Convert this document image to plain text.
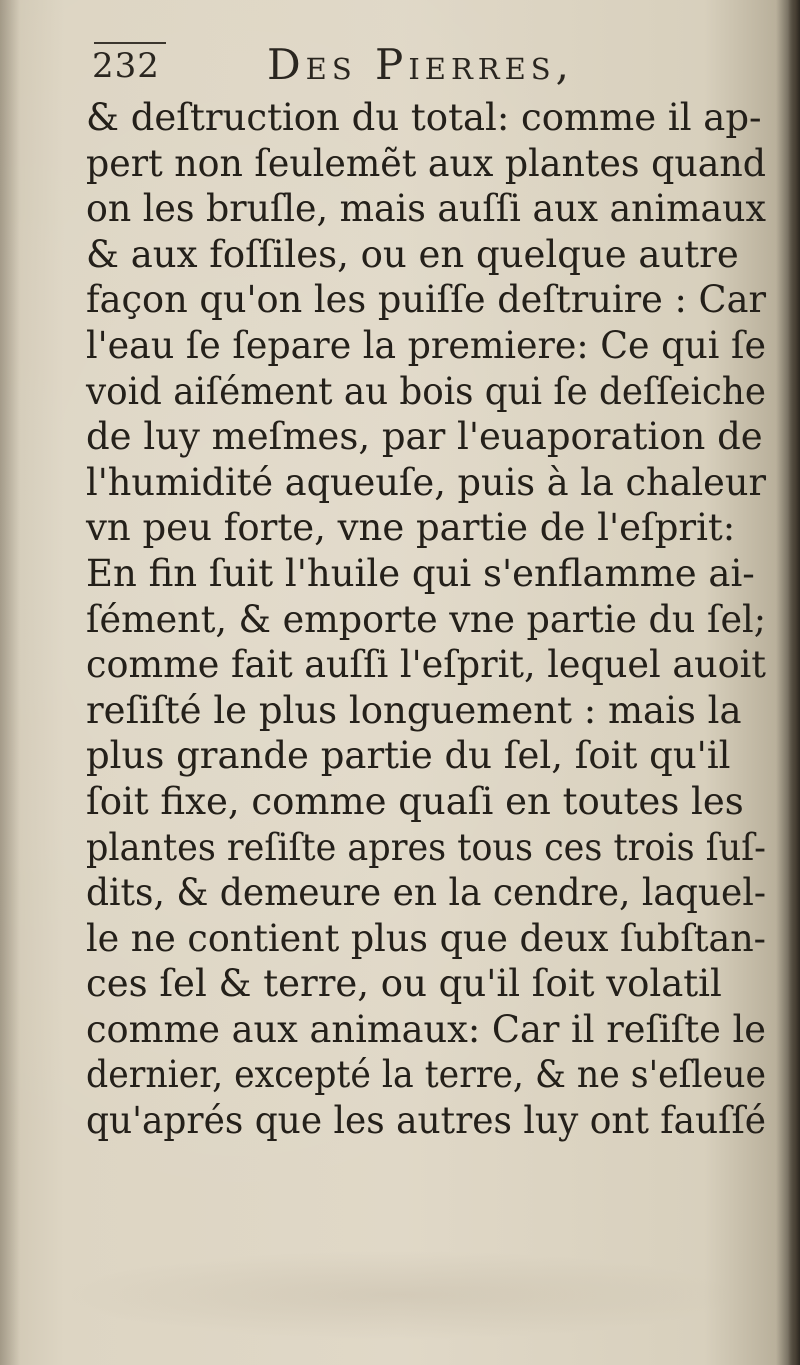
232	Des Pierres,
& deſtruction du total: comme il ap-
pert non ſeulemẽt aux plantes quand
on les bruſle, mais auſſi aux animaux
& aux foſſiles, ou en quelque autre
façon qu'on les puiſſe deſtruire : Car
l'eau ſe ſepare la premiere: Ce qui ſe
void aiſément au bois qui ſe deſſeiche
de luy meſmes, par l'euaporation de
l'humidité aqueuſe, puis à la chaleur
vn peu forte, vne partie de l'eſprit:
En fin ſuit l'huile qui s'enflamme ai-
ſément, & emporte vne partie du ſel;
comme fait auſſi l'eſprit, lequel auoit
reſiſté le plus longuement : mais la
plus grande partie du ſel, ſoit qu'il
ſoit fixe, comme quaſi en toutes les
plantes reſiſte apres tous ces trois ſuſ-
dits, & demeure en la cendre, laquel-
le ne contient plus que deux ſubſtan-
ces ſel & terre, ou qu'il ſoit volatil
comme aux animaux: Car il reſiſte le
dernier, excepté la terre, & ne s'eſleue
qu'aprés que les autres luy ont fauſſé
